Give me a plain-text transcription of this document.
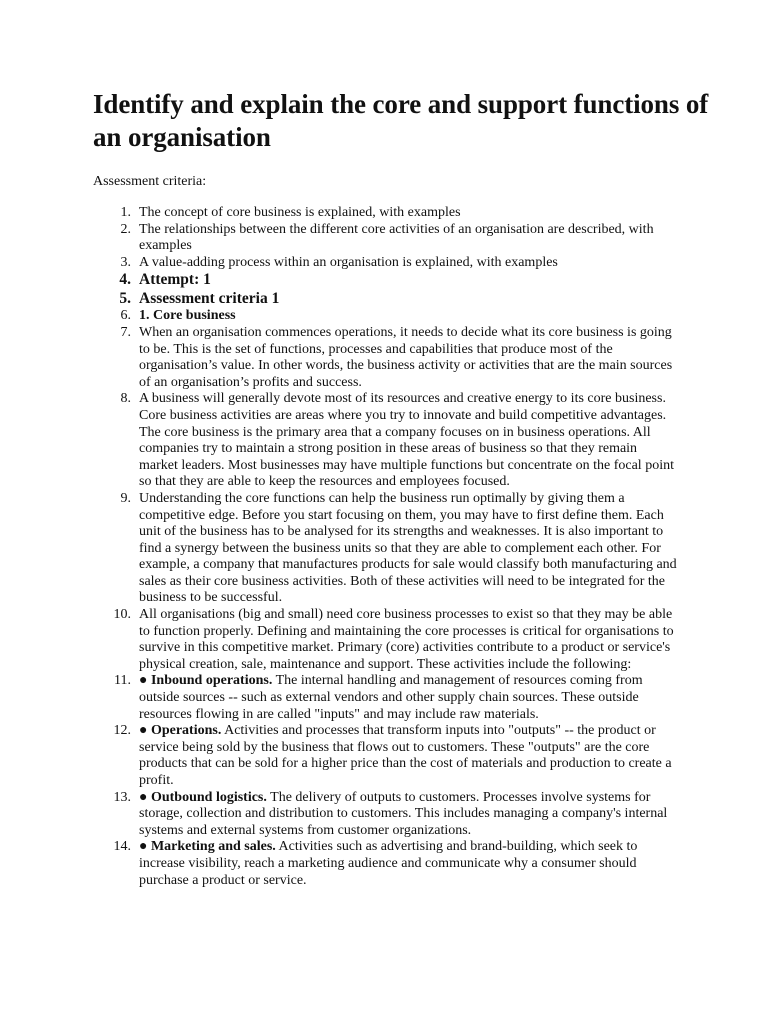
Identify and explain the core and support functions of an organisation

Assessment criteria:

1. The concept of core business is explained, with examples
2. The relationships between the different core activities of an organisation are described, with examples
3. A value-adding process within an organisation is explained, with examples
4. Attempt: 1
5. Assessment criteria 1
6. 1. Core business
7. When an organisation commences operations, it needs to decide what its core business is going to be. This is the set of functions, processes and capabilities that produce most of the organisation’s value. In other words, the business activity or activities that are the main sources of an organisation’s profits and success.
8. A business will generally devote most of its resources and creative energy to its core business. Core business activities are areas where you try to innovate and build competitive advantages. The core business is the primary area that a company focuses on in business operations. All companies try to maintain a strong position in these areas of business so that they remain market leaders. Most businesses may have multiple functions but concentrate on the focal point so that they are able to keep the resources and employees focused.
9. Understanding the core functions can help the business run optimally by giving them a competitive edge. Before you start focusing on them, you may have to first define them. Each unit of the business has to be analysed for its strengths and weaknesses. It is also important to find a synergy between the business units so that they are able to complement each other. For example, a company that manufactures products for sale would classify both manufacturing and sales as their core business activities. Both of these activities will need to be integrated for the business to be successful.
10. All organisations (big and small) need core business processes to exist so that they may be able to function properly. Defining and maintaining the core processes is critical for organisations to survive in this competitive market. Primary (core) activities contribute to a product or service's physical creation, sale, maintenance and support. These activities include the following:
11. ● Inbound operations. The internal handling and management of resources coming from outside sources -- such as external vendors and other supply chain sources. These outside resources flowing in are called "inputs" and may include raw materials.
12. ● Operations. Activities and processes that transform inputs into "outputs" -- the product or service being sold by the business that flows out to customers. These "outputs" are the core products that can be sold for a higher price than the cost of materials and production to create a profit.
13. ● Outbound logistics. The delivery of outputs to customers. Processes involve systems for storage, collection and distribution to customers. This includes managing a company's internal systems and external systems from customer organizations.
14. ● Marketing and sales. Activities such as advertising and brand-building, which seek to increase visibility, reach a marketing audience and communicate why a consumer should purchase a product or service.
